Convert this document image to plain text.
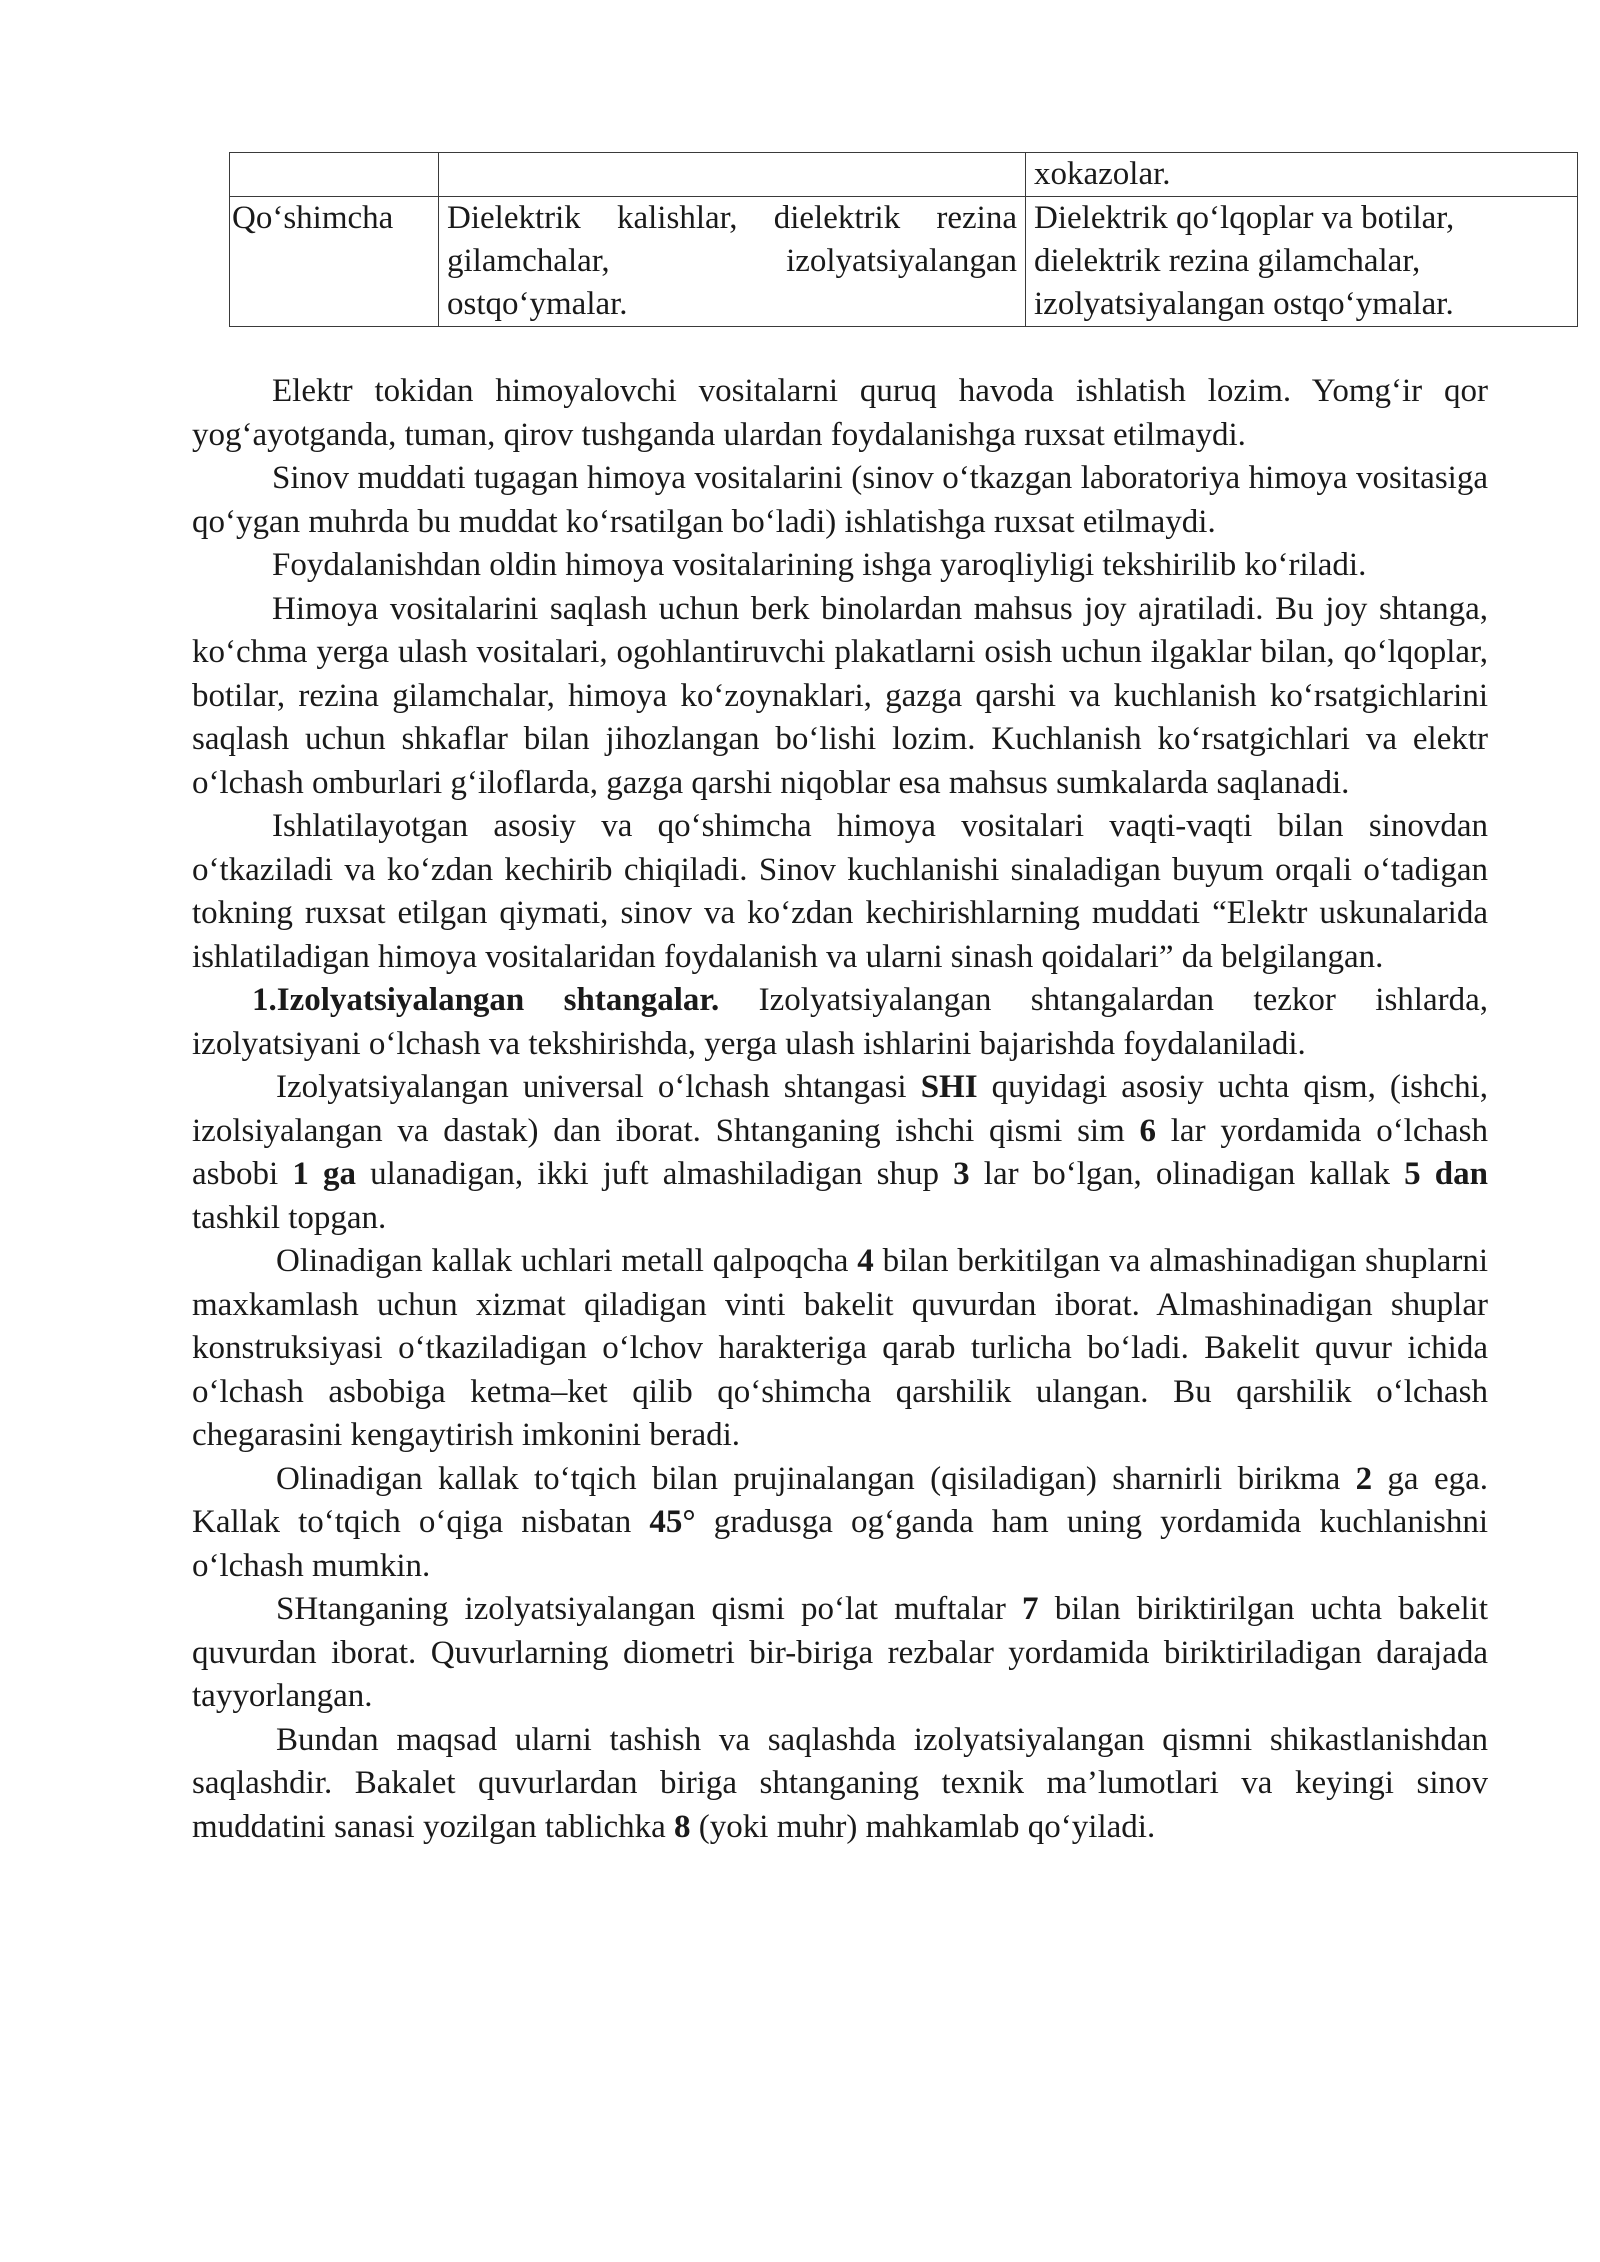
		xokazolar.

Qo‘shimcha	Dielektrik kalishlar, dielektrik rezina gilamchalar, izolyatsiyalangan ostqo‘ymalar.	Dielektrik qo‘lqoplar va botilar,
dielektrik rezina gilamchalar,
izolyatsiyalangan ostqo‘ymalar.

Elektr tokidan himoyalovchi vositalarni quruq havoda ishlatish lozim. Yomg‘ir qor yog‘ayotganda, tuman, qirov tushganda ulardan foydalanishga ruxsat etilmaydi.

Sinov muddati tugagan himoya vositalarini (sinov o‘tkazgan laboratoriya himoya vositasiga qo‘ygan muhrda bu muddat ko‘rsatilgan bo‘ladi) ishlatishga ruxsat etilmaydi.

Foydalanishdan oldin himoya vositalarining ishga yaroqliyligi tekshirilib ko‘riladi.

Himoya vositalarini saqlash uchun berk binolardan mahsus joy ajratiladi. Bu joy shtanga, ko‘chma yerga ulash vositalari, ogohlantiruvchi plakatlarni osish uchun ilgaklar bilan, qo‘lqoplar, botilar, rezina gilamchalar, himoya ko‘zoynaklari, gazga qarshi va kuchlanish ko‘rsatgichlarini saqlash uchun shkaflar bilan jihozlangan bo‘lishi lozim. Kuchlanish ko‘rsatgichlari va elektr o‘lchash omburlari g‘iloflarda, gazga qarshi niqoblar esa mahsus sumkalarda saqlanadi.

Ishlatilayotgan asosiy va qo‘shimcha himoya vositalari vaqti-vaqti bilan sinovdan o‘tkaziladi va ko‘zdan kechirib chiqiladi. Sinov kuchlanishi sinaladigan buyum orqali o‘tadigan tokning ruxsat etilgan qiymati, sinov va ko‘zdan kechirishlarning muddati “Elektr uskunalarida ishlatiladigan himoya vositalaridan foydalanish va ularni sinash qoidalari” da belgilangan.

1.Izolyatsiyalangan shtangalar. Izolyatsiyalangan shtangalardan tezkor ishlarda, izolyatsiyani o‘lchash va tekshirishda, yerga ulash ishlarini bajarishda foydalaniladi.

Izolyatsiyalangan universal o‘lchash shtangasi SHI quyidagi asosiy uchta qism, (ishchi, izolsiyalangan va dastak) dan iborat. Shtanganing ishchi qismi sim 6 lar yordamida o‘lchash asbobi 1 ga ulanadigan, ikki juft almashiladigan shup 3 lar bo‘lgan, olinadigan kallak 5 dan tashkil topgan.

Olinadigan kallak uchlari metall qalpoqcha 4 bilan berkitilgan va almashinadigan shuplarni maxkamlash uchun xizmat qiladigan vinti bakelit quvurdan iborat. Almashinadigan shuplar konstruksiyasi o‘tkaziladigan o‘lchov harakteriga qarab turlicha bo‘ladi. Bakelit quvur ichida o‘lchash asbobiga ketma–ket qilib qo‘shimcha qarshilik ulangan. Bu qarshilik o‘lchash chegarasini kengaytirish imkonini beradi.

Olinadigan kallak to‘tqich bilan prujinalangan (qisiladigan) sharnirli birikma 2 ga ega. Kallak to‘tqich o‘qiga nisbatan 45° gradusga og‘ganda ham uning yordamida kuchlanishni o‘lchash mumkin.

SHtanganing izolyatsiyalangan qismi po‘lat muftalar 7 bilan biriktirilgan uchta bakelit quvurdan iborat. Quvurlarning diometri bir-biriga rezbalar yordamida biriktiriladigan darajada tayyorlangan.

Bundan maqsad ularni tashish va saqlashda izolyatsiyalangan qismni shikastlanishdan saqlashdir. Bakalet quvurlardan biriga shtanganing texnik ma’lumotlari va keyingi sinov muddatini sanasi yozilgan tablichka 8 (yoki muhr) mahkamlab qo‘yiladi.
